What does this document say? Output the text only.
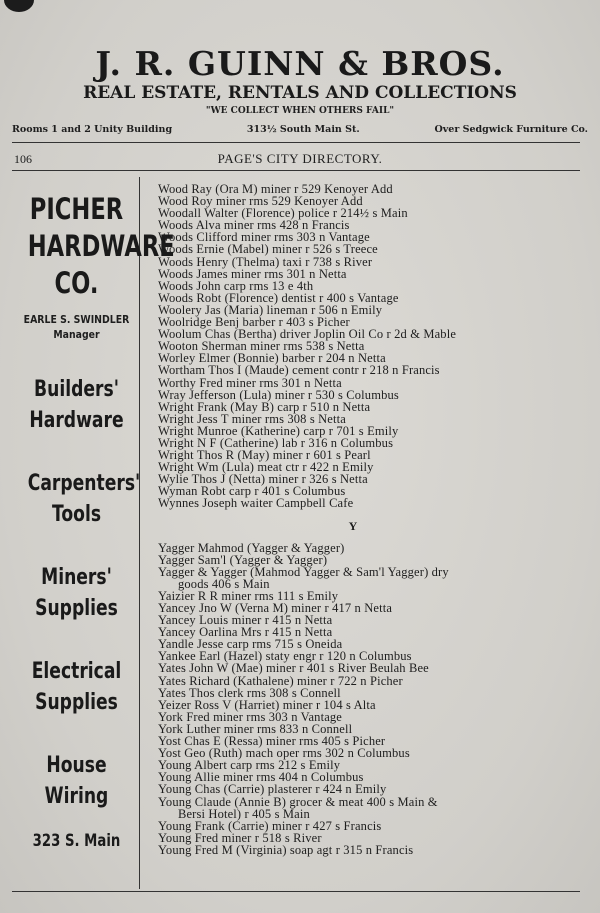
J. R. GUINN & BROS.
REAL ESTATE, RENTALS AND COLLECTIONS
"WE COLLECT WHEN OTHERS FAIL"
Rooms 1 and 2 Unity Building	313½ South Main St.	Over Sedgwick Furniture Co.
106	PAGE'S CITY DIRECTORY.
PICHER
HARDWARE
CO.
EARLE S. SWINDLER
Manager
Builders'
Hardware
Carpenters'
Tools
Miners'
Supplies
Electrical
Supplies
House
Wiring
323 S. Main
Wood Ray (Ora M) miner r 529 Kenoyer Add
Wood Roy miner rms 529 Kenoyer Add
Woodall Walter (Florence) police r 214½ s Main
Woods Alva miner rms 428 n Francis
Woods Clifford miner rms 303 n Vantage
Woods Ernie (Mabel) miner r 526 s Treece
Woods Henry (Thelma) taxi r 738 s River
Woods James miner rms 301 n Netta
Woods John carp rms 13 e 4th
Woods Robt (Florence) dentist r 400 s Vantage
Woolery Jas (Maria) lineman r 506 n Emily
Woolridge Benj barber r 403 s Picher
Woolum Chas (Bertha) driver Joplin Oil Co r 2d & Mable
Wooton Sherman miner rms 538 s Netta
Worley Elmer (Bonnie) barber r 204 n Netta
Wortham Thos I (Maude) cement contr r 218 n Francis
Worthy Fred miner rms 301 n Netta
Wray Jefferson (Lula) miner r 530 s Columbus
Wright Frank (May B) carp r 510 n Netta
Wright Jess T miner rms 308 s Netta
Wright Munroe (Katherine) carp r 701 s Emily
Wright N F (Catherine) lab r 316 n Columbus
Wright Thos R (May) miner r 601 s Pearl
Wright Wm (Lula) meat ctr r 422 n Emily
Wylie Thos J (Netta) miner r 326 s Netta
Wyman Robt carp r 401 s Columbus
Wynnes Joseph waiter Campbell Cafe
Y
Yagger Mahmod (Yagger & Yagger)
Yagger Sam'l (Yagger & Yagger)
Yagger & Yagger (Mahmod Yagger & Sam'l Yagger) dry
goods 406 s Main
Yaizier R R miner rms 111 s Emily
Yancey Jno W (Verna M) miner r 417 n Netta
Yancey Louis miner r 415 n Netta
Yancey Oarlina Mrs r 415 n Netta
Yandle Jesse carp rms 715 s Oneida
Yankee Earl (Hazel) staty engr r 120 n Columbus
Yates John W (Mae) miner r 401 s River Beulah Bee
Yates Richard (Kathalene) miner r 722 n Picher
Yates Thos clerk rms 308 s Connell
Yeizer Ross V (Harriet) miner r 104 s Alta
York Fred miner rms 303 n Vantage
York Luther miner rms 833 n Connell
Yost Chas E (Ressa) miner rms 405 s Picher
Yost Geo (Ruth) mach oper rms 302 n Columbus
Young Albert carp rms 212 s Emily
Young Allie miner rms 404 n Columbus
Young Chas (Carrie) plasterer r 424 n Emily
Young Claude (Annie B) grocer & meat 400 s Main &
Bersi Hotel) r 405 s Main
Young Frank (Carrie) miner r 427 s Francis
Young Fred miner r 518 s River
Young Fred M (Virginia) soap agt r 315 n Francis
